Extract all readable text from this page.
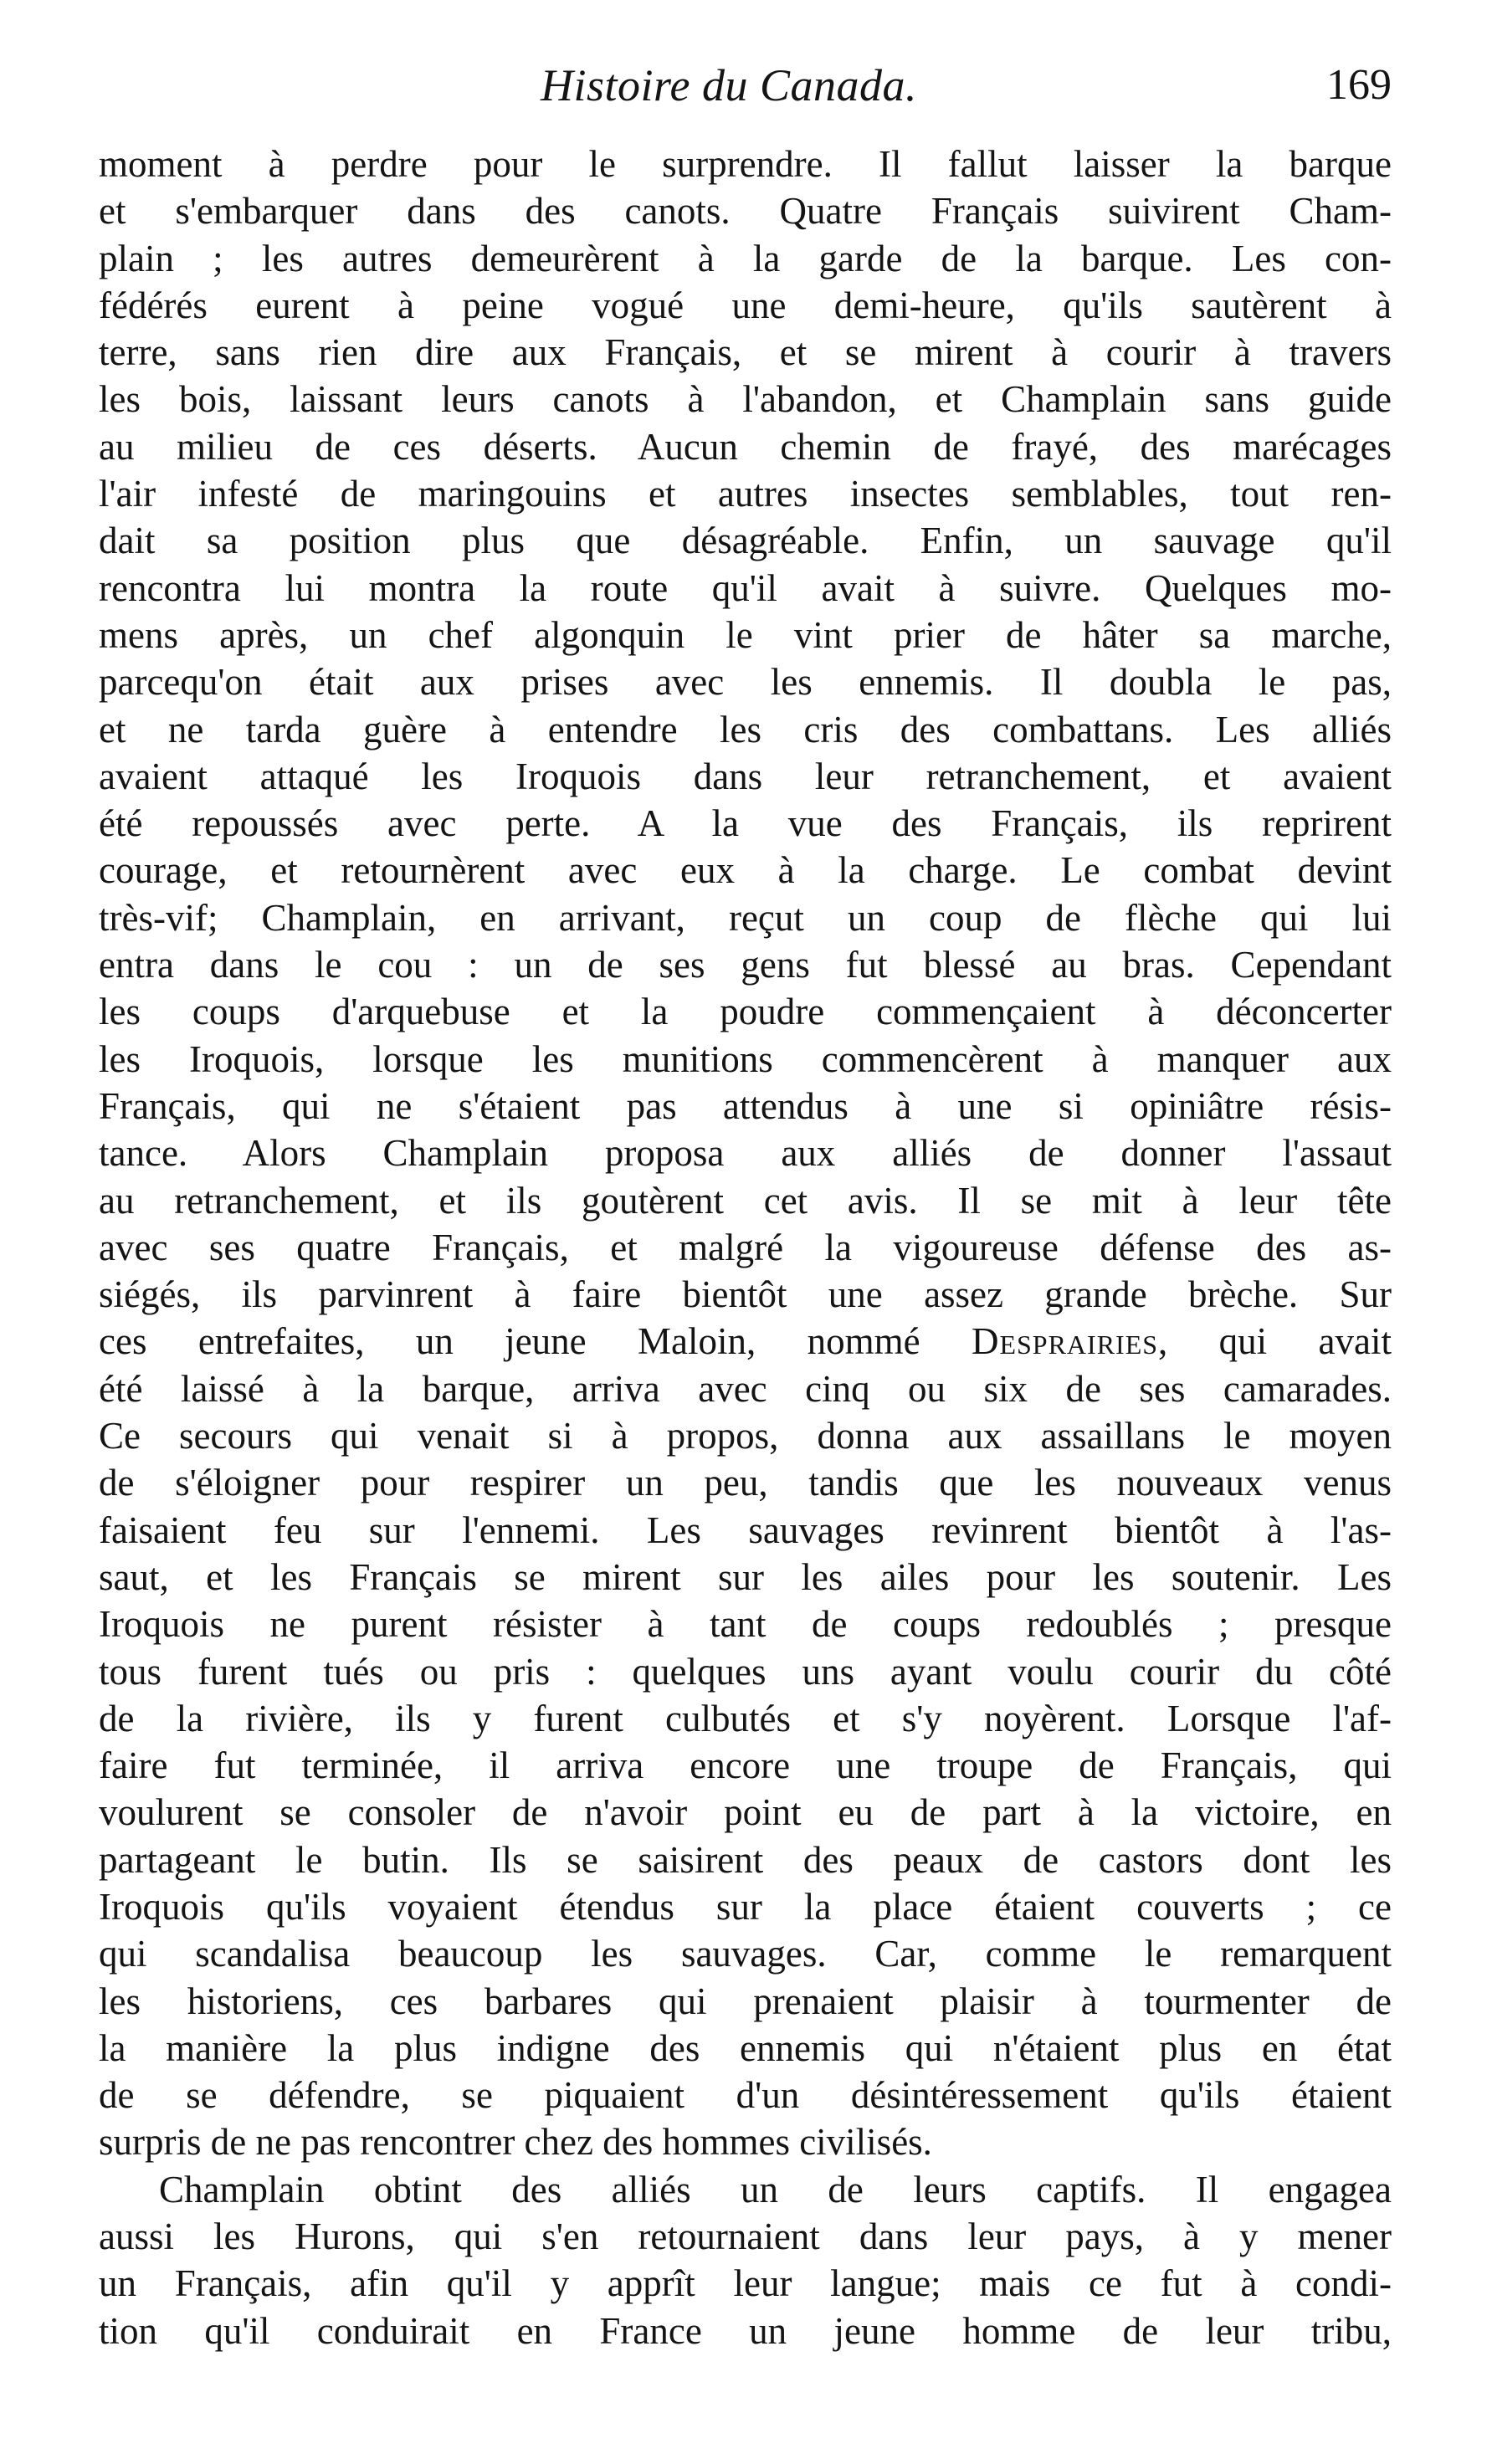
Histoire du Canada.	169
moment à perdre pour le surprendre. Il fallut laisser la barque
et s'embarquer dans des canots. Quatre Français suivirent Cham-
plain ; les autres demeurèrent à la garde de la barque. Les con-
fédérés eurent à peine vogué une demi-heure, qu'ils sautèrent à
terre, sans rien dire aux Français, et se mirent à courir à travers
les bois, laissant leurs canots à l'abandon, et Champlain sans guide
au milieu de ces déserts. Aucun chemin de frayé, des marécages
l'air infesté de maringouins et autres insectes semblables, tout ren-
dait sa position plus que désagréable. Enfin, un sauvage qu'il
rencontra lui montra la route qu'il avait à suivre. Quelques mo-
mens après, un chef algonquin le vint prier de hâter sa marche,
parcequ'on était aux prises avec les ennemis. Il doubla le pas,
et ne tarda guère à entendre les cris des combattans. Les alliés
avaient attaqué les Iroquois dans leur retranchement, et avaient
été repoussés avec perte. A la vue des Français, ils reprirent
courage, et retournèrent avec eux à la charge. Le combat devint
très-vif; Champlain, en arrivant, reçut un coup de flèche qui lui
entra dans le cou : un de ses gens fut blessé au bras. Cependant
les coups d'arquebuse et la poudre commençaient à déconcerter
les Iroquois, lorsque les munitions commencèrent à manquer aux
Français, qui ne s'étaient pas attendus à une si opiniâtre résis-
tance. Alors Champlain proposa aux alliés de donner l'assaut
au retranchement, et ils goutèrent cet avis. Il se mit à leur tête
avec ses quatre Français, et malgré la vigoureuse défense des as-
siégés, ils parvinrent à faire bientôt une assez grande brèche. Sur
ces entrefaites, un jeune Maloin, nommé Desprairies, qui avait
été laissé à la barque, arriva avec cinq ou six de ses camarades.
Ce secours qui venait si à propos, donna aux assaillans le moyen
de s'éloigner pour respirer un peu, tandis que les nouveaux venus
faisaient feu sur l'ennemi. Les sauvages revinrent bientôt à l'as-
saut, et les Français se mirent sur les ailes pour les soutenir. Les
Iroquois ne purent résister à tant de coups redoublés ; presque
tous furent tués ou pris : quelques uns ayant voulu courir du côté
de la rivière, ils y furent culbutés et s'y noyèrent. Lorsque l'af-
faire fut terminée, il arriva encore une troupe de Français, qui
voulurent se consoler de n'avoir point eu de part à la victoire, en
partageant le butin. Ils se saisirent des peaux de castors dont les
Iroquois qu'ils voyaient étendus sur la place étaient couverts ; ce
qui scandalisa beaucoup les sauvages. Car, comme le remarquent
les historiens, ces barbares qui prenaient plaisir à tourmenter de
la manière la plus indigne des ennemis qui n'étaient plus en état
de se défendre, se piquaient d'un désintéressement qu'ils étaient
surpris de ne pas rencontrer chez des hommes civilisés.
Champlain obtint des alliés un de leurs captifs. Il engagea
aussi les Hurons, qui s'en retournaient dans leur pays, à y mener
un Français, afin qu'il y apprît leur langue; mais ce fut à condi-
tion qu'il conduirait en France un jeune homme de leur tribu,
